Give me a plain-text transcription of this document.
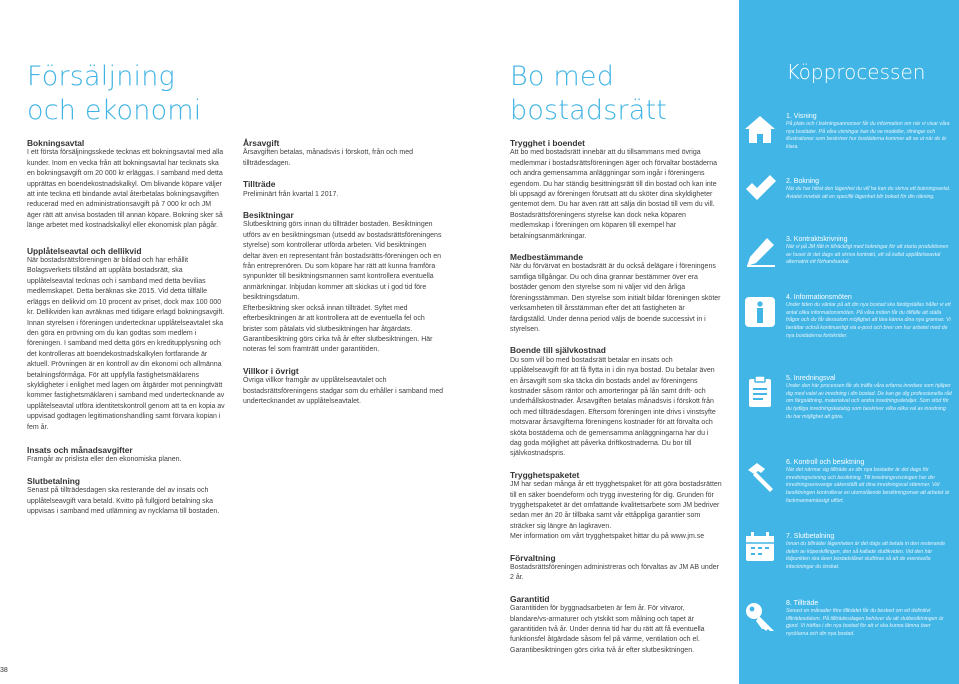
38

Försäljning

och ekonomi

Bokningsavtal

I ett första försäljningsskede tecknas ett bokningsavtal med alla kunder. Inom en vecka från att bokningsavtal har tecknats ska en bokningsavgift om 20 000 kr erläggas. I samband med detta upprättas en boendekostnadskalkyl. Om blivande köpare väljer att inte teckna ett bindande avtal återbetalas bokningsavgiften reducerad med en administrationsavgift på 7 000 kr och JM äger rätt att anvisa bostaden till annan köpare. Bokning sker så länge arbetet med kostnadskalkyl eller ekonomisk plan pågår.

Upplåtelseavtal och dellikvid

När bostadsrättsföreningen är bildad och har erhållit Bolagsverkets tillstånd att upplåta bostadsrätt, ska upplåtelseavtal tecknas och i samband med detta bevilias medlemskapet. Detta beräknas ske 2015. Vid detta tillfälle erläggs en delikvid om 10 procent av priset, dock max 100 000 kr. Dellikviden kan avräknas med tidigare erlagd bokningsavgift.
Innan styrelsen i föreningen undertecknar upplåtelseavtalet ska den göra en prövning om du kan godtas som medlem i föreningen. I samband med detta görs en kreditupplysning och det kontrolleras att boendekostnadskalkylen fortfarande är aktuell. Prövningen är en kontroll av din ekonomi och allmänna betalningsförmåga. För att uppfylla fastighetsmäklarens skyldigheter i enlighet med lagen om åtgärder mot penningtvätt kommer fastighetsmäklaren i samband med undertecknande av upplåtelseavtal utföra identitetskontroll genom att ta en kopia av uppvisad godtagen legitimationshandling samt förvara kopian i fem år.

Insats och månadsavgifter

Framgår av prislista eller den ekonomiska planen.

Slutbetalning

Senast på tillträdesdagen ska resterande del av insats och upplåtelseavgift vara betald. Kvitto på fullgjord betalning ska uppvisas i samband med utlämning av nycklarna till bostaden.

Årsavgift

Årsavgiften betalas, månadsvis i förskott, från och med tillträdesdagen.

Tillträde

Preliminärt från kvartal 1 2017.

Besiktningar

Slutbesiktning görs innan du tillträder bostaden. Besiktningen utförs av en besiktningsman (utsedd av bostadsrättsföreningens styrelse) som kontrollerar utförda arbeten. Vid besiktningen deltar även en representant från bostadsrätts-föreningen och en från entreprenören. Du som köpare har rätt att kunna framföra synpunkter till besiktningsmannen samt kontrollera eventuella anmärkningar. Inbjudan kommer att skickas ut i god tid före besiktningsdatum.
Efterbesiktning sker också innan tillträdet. Syftet med efterbesiktningen är att kontrollera att de eventuella fel och brister som påtalats vid slutbesiktningen har åtgärdats.
Garantibesiktning görs cirka två år efter slutbesiktningen. Här noteras fel som framträtt under garantitiden.

Villkor i övrigt

Övriga villkor framgår av upplåtelseavtalet och bostadsrättsföreningens stadgar som du erhåller i samband med undertecknandet av upplåtelseavtalet.

Bo med

bostadsrätt

Trygghet i boendet

Att bo med bostadsrätt innebär att du tillsammans med övriga medlemmar i bostadsrättsföreningen äger och förvaltar bostäderna och andra gemensamma anläggningar som ingår i föreningens egendom. Du har ständig besittningsrätt till din bostad och kan inte bli uppsagd av föreningen förutsatt att du sköter dina skyldigheter gentemot dem. Du har även rätt att sälja din bostad till vem du vill. Bostadsrättsföreningens styrelse kan dock neka köparen medlemskap i föreningen om köparen till exempel har betalningsanmärkningar.

Medbestämmande

När du förvärvat en bostadsrätt är du också delägare i föreningens samtliga tillgångar. Du och dina grannar bestämmer över era bostäder genom den styrelse som ni väljer vid den årliga föreningsstämman. Den styrelse som initialt bildar föreningen sköter verksamheten till årsstämman efter det att fastigheten är färdigställd. Under denna period väljs de boende successivt in i styrelsen.

Boende till självkostnad

Du som vill bo med bostadsrätt betalar en insats och upplåtelseavgift för att få flytta in i din nya bostad. Du betalar även en årsavgift som ska täcka din bostads andel av föreningens kostnader såsom räntor och amorteringar på lån samt drift- och underhållskostnader. Årsavgiften betalas månadsvis i förskott från och med tillträdesdagen. Eftersom föreningen inte drivs i vinstsyfte motsvarar årsavgifterna föreningens kostnader för att förvalta och sköta bostäderna och de gemensamma anläggningarna har du i dag goda möjlighet att påverka driftkostnaderna. Du bor till självkostnadspris.

Trygghetspaketet

JM har sedan många år ett trygghetspaket för att göra bostadsrätten till en säker boendeform och trygg investering för dig. Grunden för trygghetspaketet är det omfattande kvalitetsarbete som JM bedriver sedan mer än 20 år tillbaka samt vår ettåppliga garantier som sträcker sig längre än lagkraven.
Mer information om vårt trygghetspaket hittar du på www.jm.se

Förvaltning

Bostadsrättsföreningen administreras och förvaltas av JM AB under 2 år.

Garantitid

Garantitiden för byggnadsarbeten är fem år. För vitvaror, blandare/vs-armaturer och ytskikt som målning och tapet är garantitiden två år. Under denna tid har du rätt att få eventuella funktionsfel åtgärdade såsom fel på värme, ventilation och el. Garantibesiktningen görs cirka två år efter slutbesiktningen.

Köpprocessen

1. Visning

På plats och i bokningsannonser får du information om när vi visar våra nya bostäder. På våra visningar kan du se modeller, ritningar och illustrationer som beskriver hur bostäderna kommer att se ut när de är klara.

2. Bokning

När du har hittat den lägenhet du vill ha kan du skriva ett bokningsavtal. Avtalet innebär att en specifik lägenhet blir bokad för din räkning.

3. Kontraktskrivning

När vi på JM fått in tillräckligt med bokningar för att starta produktionen av huset är det dags att skriva kontrakt, ett så kallat upplåtelseavtal alternativt ett förhandsavtal.

4. Informationsmöten

Under tiden du väntar på att din nya bostad ska färdigställas håller vi ett antal olika informationsmöten. På våra möten får du tillfälle att ställa frågor och du får dessutom möjlighet att lära känna dina nya grannar. Vi berättar också kontinuerligt via e-post och brev om hur arbetet med de nya bostäderna fortskrider.

5. Inredningsval

Under den här processen får du träffa våra erfarna inredare som hjälper dig med valet av inredning i din bostad. De kan ge dig professionella råd om färgsättning, materialval och andra inredningsdetaljer. Som stöd för du tydliga inredningskatalog som beskriver vilka olika val av inredning du har möjlighet att göra.

6. Kontroll och besiktning

När det närmar sig tillträde av din nya bostader är det dags för inredningsvisning och besiktning. Till inredningsvisningen har din inredningsansvarige säkerställt att dina inredningsval stämmer. Vid besiktningen kontrollerar en utomstående besiktningsman att arbetet är fackmannamässigt utfört.

7. Slutbetalning

Innan du tillträder lägenheten är det dags att betala in den resterande delen av köpeskillingen, den så kallade slutlikviden. Vid den här tidpunkten ska även bostadslånet slutföras så att de eventuella inteckningar du önskat.

8. Tillträde

Senast en månader före tillträdet får du besked om ett definitivt tillträdesdatum. På tillträdesdagen behöver du att slutbesiktningen är gjord. Vi träffas i din nya bostad för att vi ska kunna lämna över nycklarna och din nya bostad.
